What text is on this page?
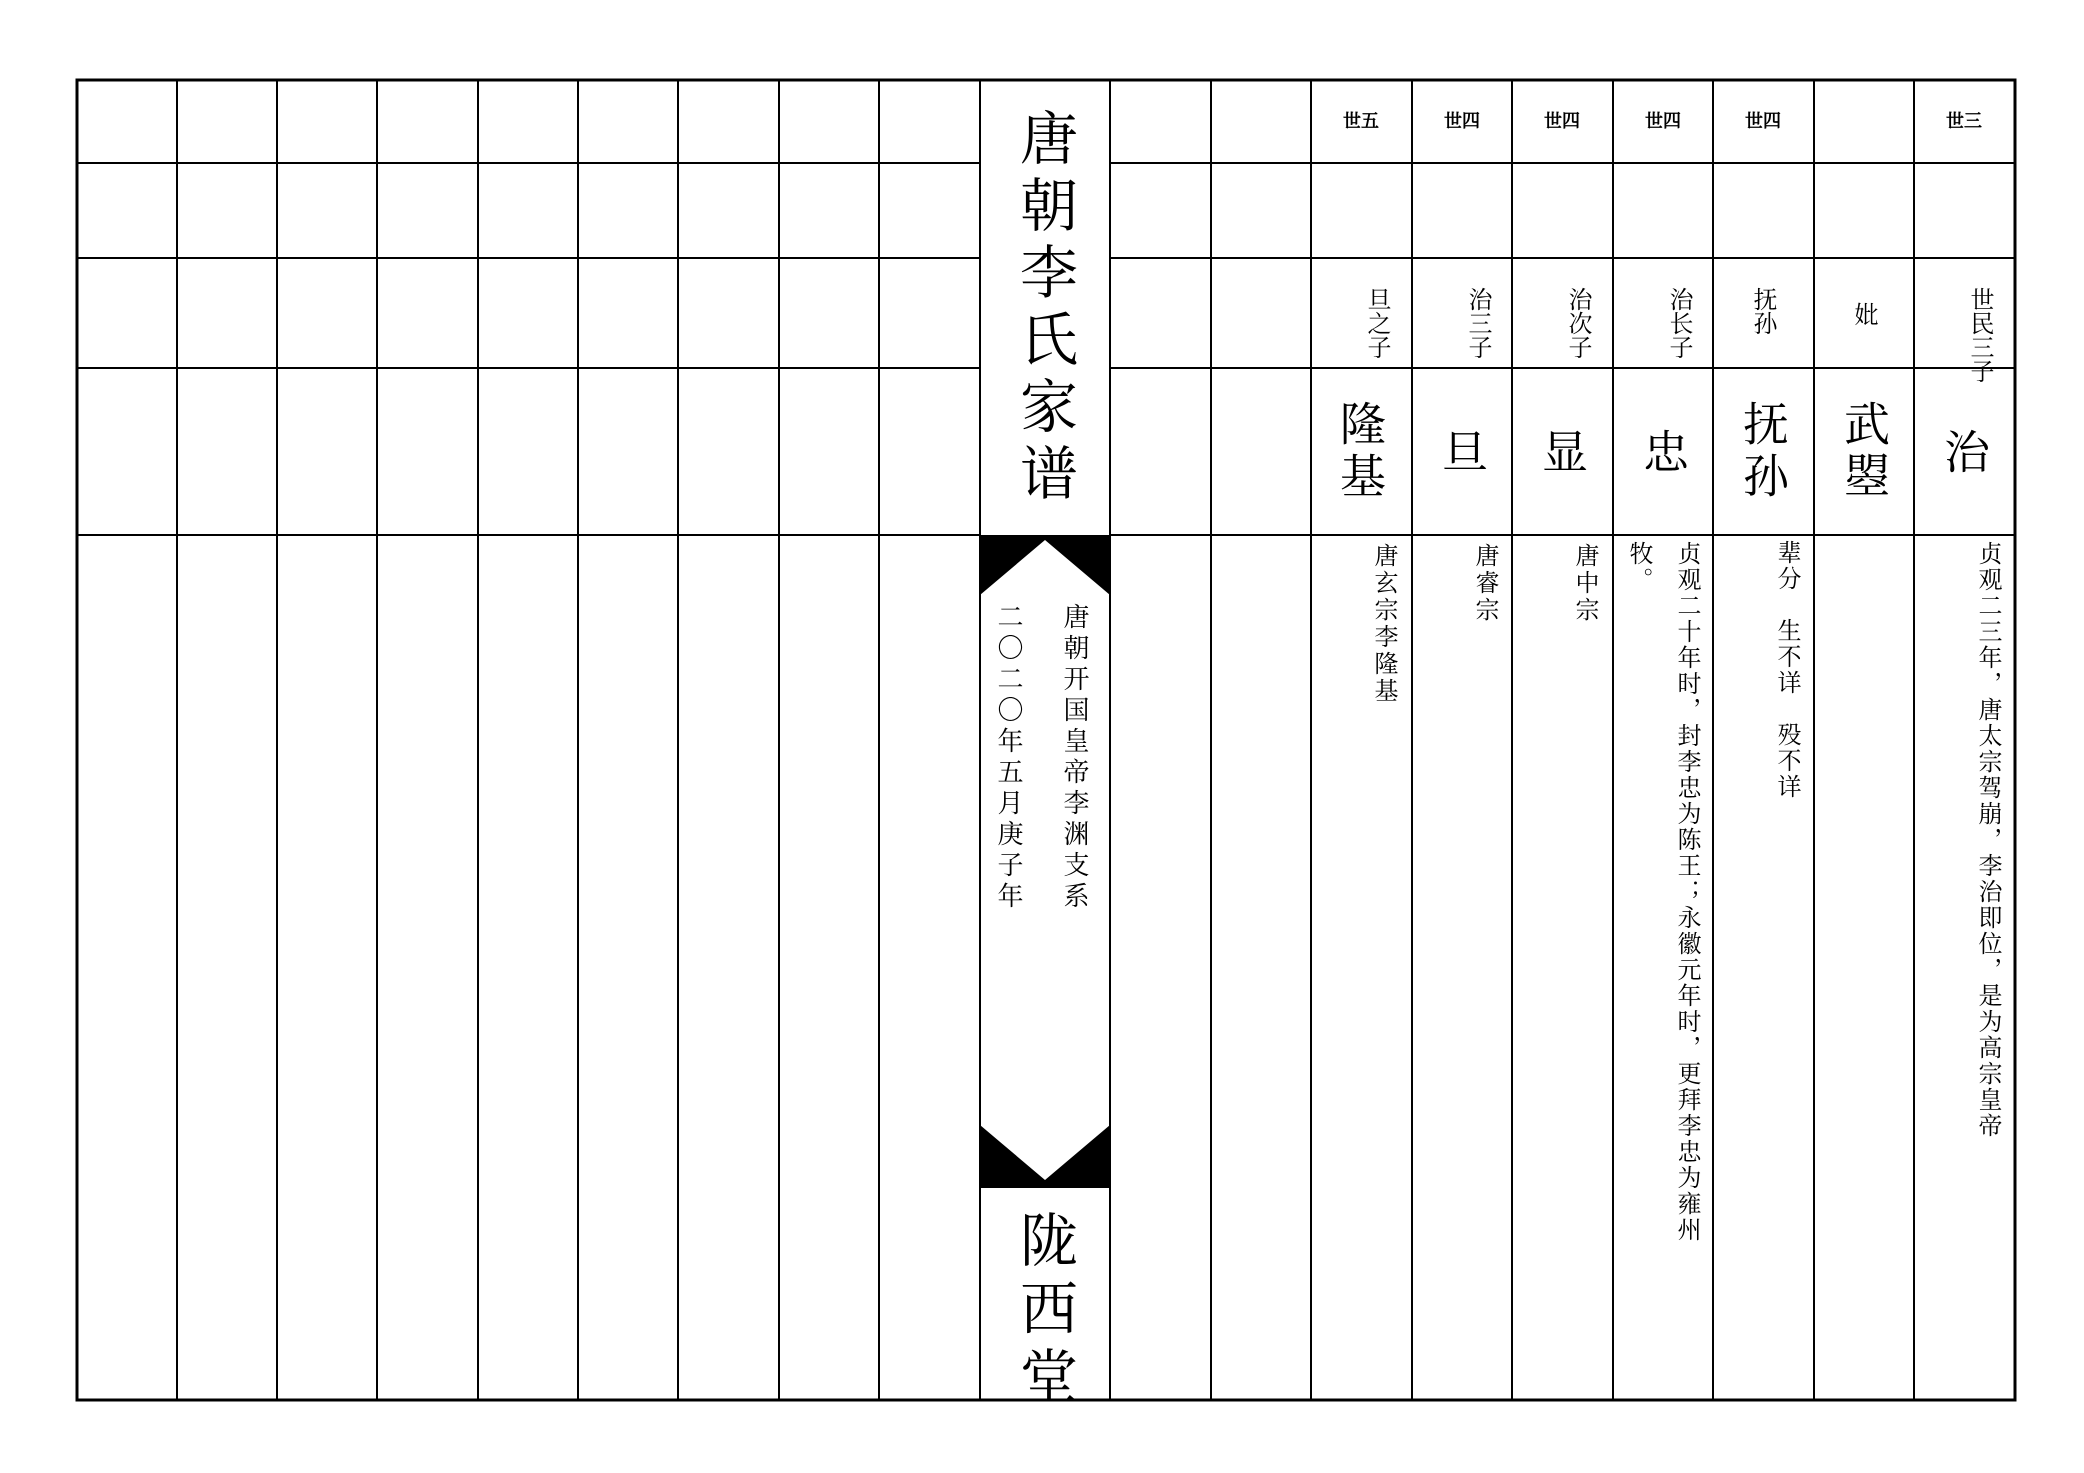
唐朝李氏家谱
唐朝开国皇帝李渊支系
二〇二〇年五月庚子年
陇西堂
世五
旦之子
隆基
唐玄宗李隆基
世四
治三子
旦
唐睿宗
世四
治次子
显
唐中宗
世四
治长子
忠
贞观二十年时，封李忠为陈王；永徽元年时，更拜李忠为雍州
牧。
世四
抚孙
抚孙
辈分　生不详　殁不详
妣
武曌
世三
世民三子
治
贞观二三年，唐太宗驾崩，李治即位，是为高宗皇帝
